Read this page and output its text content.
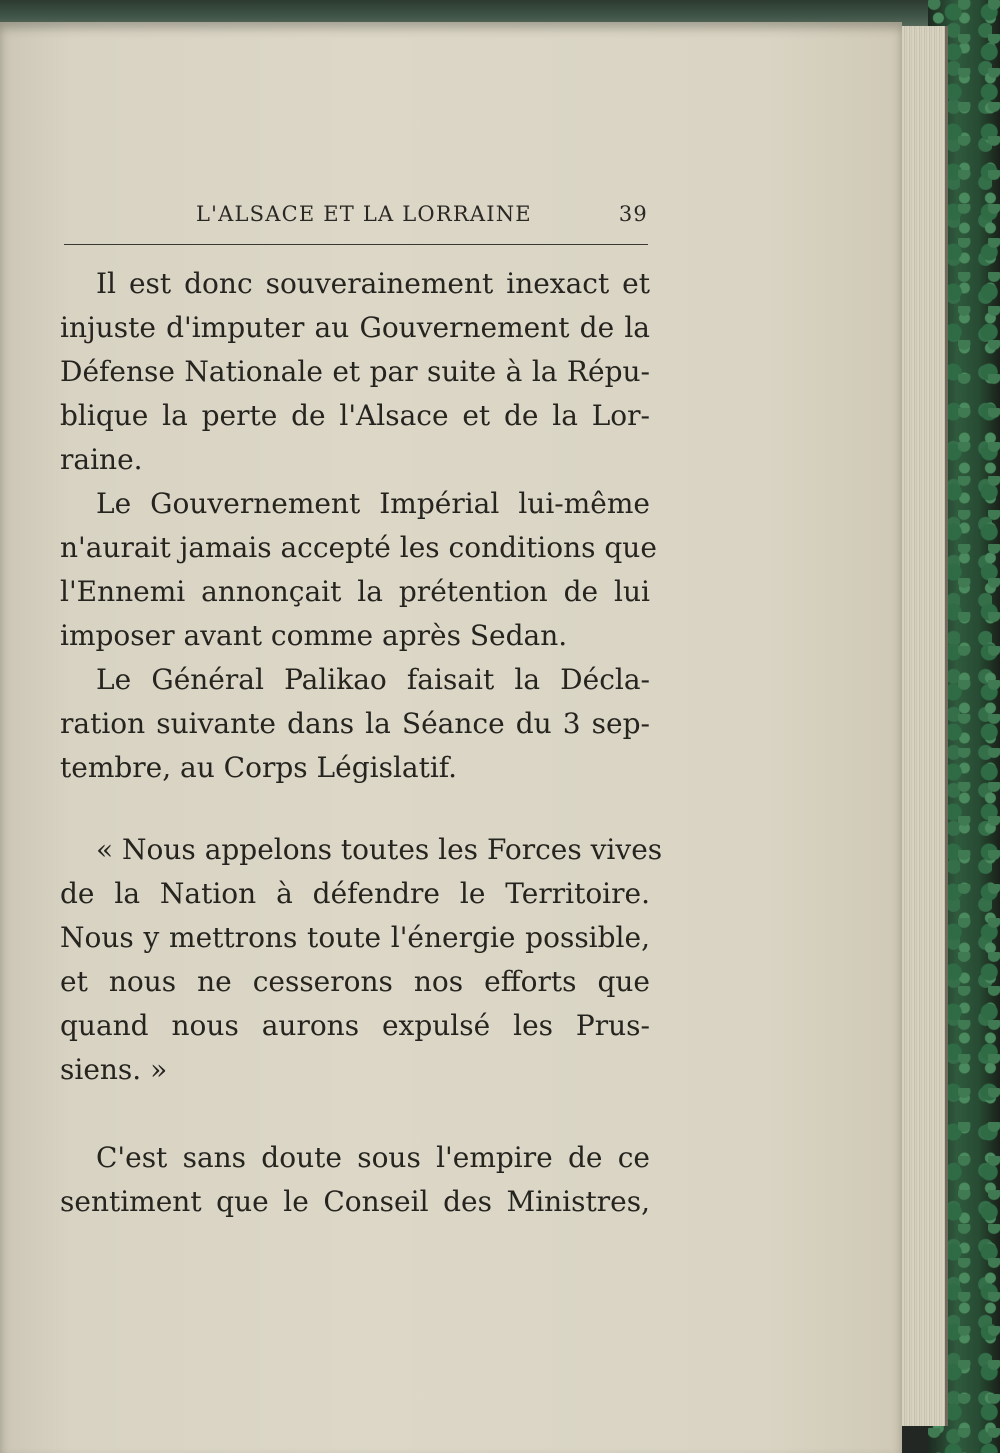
L'ALSACE ET LA LORRAINE	39
Il est donc souverainement inexact et
injuste d'imputer au Gouvernement de la
Défense Nationale et par suite à la Répu-
blique la perte de l'Alsace et de la Lor-
raine.
Le Gouvernement Impérial lui-même
n'aurait jamais accepté les conditions que
l'Ennemi annonçait la prétention de lui
imposer avant comme après Sedan.
Le Général Palikao faisait la Décla-
ration suivante dans la Séance du 3 sep-
tembre, au Corps Législatif.
« Nous appelons toutes les Forces vives
de la Nation à défendre le Territoire.
Nous y mettrons toute l'énergie possible,
et nous ne cesserons nos efforts que
quand nous aurons expulsé les Prus-
siens. »
C'est sans doute sous l'empire de ce
sentiment que le Conseil des Ministres,
